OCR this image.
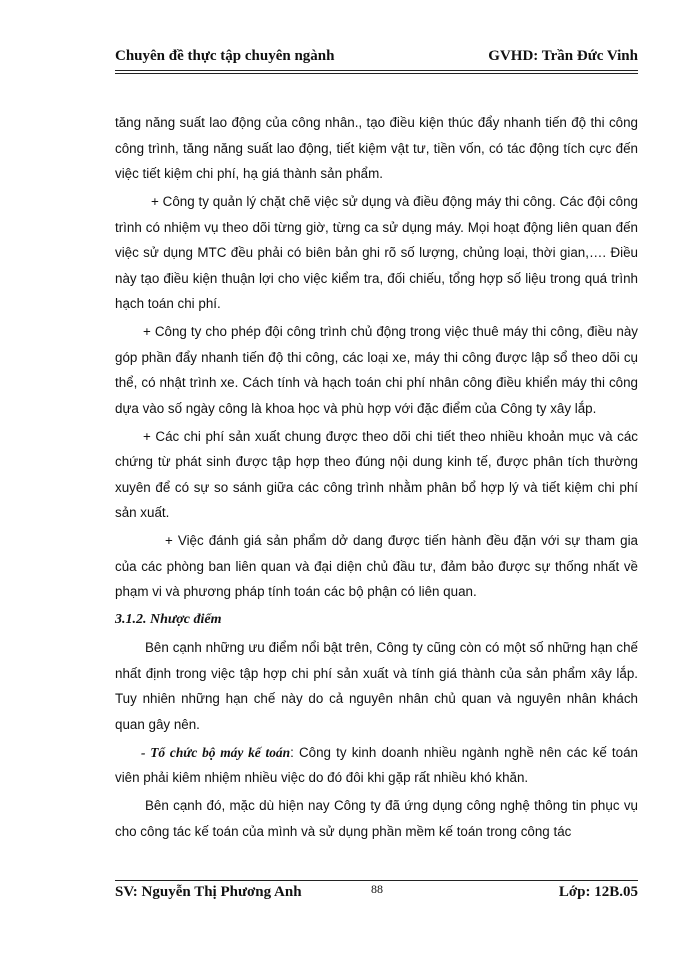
Chuyên đề thực tập chuyên ngành	GVHD: Trần Đức Vinh

tăng năng suất lao động của công nhân., tạo điều kiện thúc đẩy nhanh tiến độ thi công công trình, tăng năng suất lao động, tiết kiệm vật tư, tiền vốn, có tác động tích cực đến việc tiết kiệm chi phí, hạ giá thành sản phẩm.

+ Công ty quản lý chặt chẽ việc sử dụng và điều động máy thi công. Các đội công trình có nhiệm vụ theo dõi từng giờ, từng ca sử dụng máy. Mọi hoạt động liên quan đến việc sử dụng MTC đều phải có biên bản ghi rõ số lượng, chủng loại, thời gian,…. Điều này tạo điều kiện thuận lợi cho việc kiểm tra, đối chiếu, tổng hợp số liệu trong quá trình hạch toán chi phí.

+ Công ty cho phép đội công trình chủ động trong việc thuê máy thi công, điều này góp phần đẩy nhanh tiến độ thi công, các loại xe, máy thi công được lập sổ theo dõi cụ thể, có nhật trình xe. Cách tính và hạch toán chi phí nhân công điều khiển máy thi công dựa vào số ngày công là khoa học và phù hợp với đặc điểm của Công ty xây lắp.

+ Các chi phí sản xuất chung được theo dõi chi tiết theo nhiều khoản mục và các chứng từ phát sinh được tập hợp theo đúng nội dung kinh tế, được phân tích thường xuyên để có sự so sánh giữa các công trình nhằm phân bổ hợp lý và tiết kiệm chi phí sản xuất.

+ Việc đánh giá sản phẩm dở dang được tiến hành đều đặn với sự tham gia của các phòng ban liên quan và đại diện chủ đầu tư, đảm bảo được sự thống nhất về phạm vi và phương pháp tính toán các bộ phận có liên quan.

3.1.2. Nhược điểm

Bên cạnh những ưu điểm nổi bật trên, Công ty cũng còn có một số những hạn chế nhất định trong việc tập hợp chi phí sản xuất và tính giá thành của sản phẩm xây lắp. Tuy nhiên những hạn chế này do cả nguyên nhân chủ quan và nguyên nhân khách quan gây nên.

- Tổ chức bộ máy kế toán: Công ty kinh doanh nhiều ngành nghề nên các kế toán viên phải kiêm nhiệm nhiều việc do đó đôi khi gặp rất nhiều khó khăn.

Bên cạnh đó, mặc dù hiện nay Công ty đã ứng dụng công nghệ thông tin phục vụ cho công tác kế toán của mình và sử dụng phần mềm kế toán trong công tác

SV: Nguyễn Thị Phương Anh	88	Lớp: 12B.05
